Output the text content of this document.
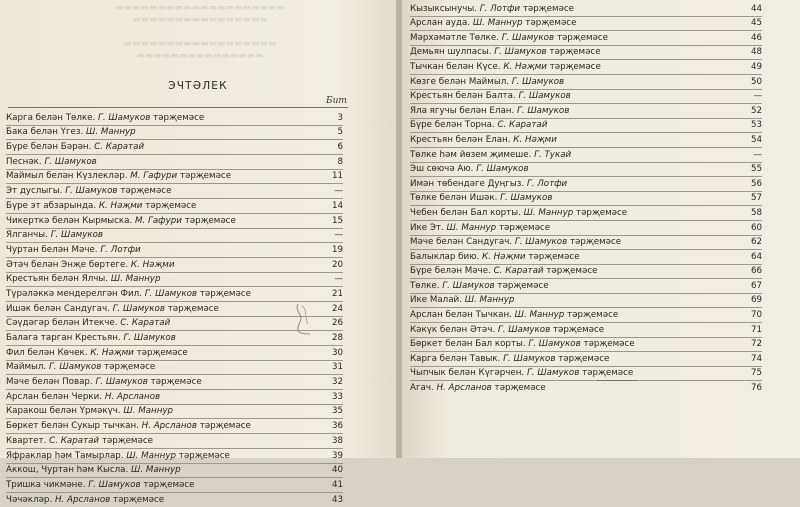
▬▬▬▬▬▬▬▬▬▬▬▬▬▬▬▬▬▬▬▬
▬▬▬▬▬▬▬▬▬▬▬▬▬▬▬▬

▬▬▬▬▬▬▬▬▬▬▬▬▬▬▬▬▬▬
▬▬▬▬▬▬▬▬▬▬▬▬▬▬▬
ЭЧТӘЛЕК
Бит
Карга белән Төлке. Г. Шамуков тәрҗемәсе	3
Бака белән Үгез. Ш. Маннур	5
Бүре белән Бәрән. С. Каратай	6
Песнәк. Г. Шамуков	8
Маймыл белән Күзлекләр. М. Гафури тәрҗемәсе	11
Эт дуслыгы. Г. Шамуков тәрҗемәсе	—
Бүре эт абзарында. К. Нәҗми тәрҗемәсе	14
Чикерткә белән Кырмыска. М. Гафури тәрҗемәсе	15
Ялганчы. Г. Шамуков	—
Чуртан белән Мәче. Г. Лотфи	19
Әтәч белән Энҗе бөртеге. К. Нәҗми	20
Крестьян белән Ялчы. Ш. Маннур	—
Түрәләккә мендерелгән Фил. Г. Шамуков тәрҗемәсе	21
Ишәк белән Сандугач. Г. Шамуков тәрҗемәсе	24
Сәүдәгәр белән Итекче. С. Каратай	26
Балага тарган Крестьян. Г. Шамуков	28
Фил белән Көчек. К. Нәҗми тәрҗемәсе	30
Маймыл. Г. Шамуков тәрҗемәсе	31
Мәче белән Повар. Г. Шамуков тәрҗемәсе	32
Арслан белән Черки. Н. Арсланов	33
Каракош белән Үрмәкүч. Ш. Маннур	35
Бөркет белән Сукыр тычкан. Н. Арсланов тәрҗемәсе	36
Квартет. С. Каратай тәрҗемәсе	38
Яфраклар һәм Тамырлар. Ш. Маннур тәрҗемәсе	39
Аккош, Чуртан һәм Кысла. Ш. Маннур	40
Тришка чикмәне. Г. Шамуков тәрҗемәсе	41
Чәчәкләр. Н. Арсланов тәрҗемәсе	43
Кызыксынучы. Г. Лотфи тәрҗемәсе	44
Арслан ауда. Ш. Маннур тәрҗемәсе	45
Мәрхәмәтле Төлке. Г. Шамуков тәрҗемәсе	46
Демьян шулпасы. Г. Шамуков тәрҗемәсе	48
Тычкан белән Күсе. К. Нәҗми тәрҗемәсе	49
Көзге белән Маймыл. Г. Шамуков	50
Крестьян белән Балта. Г. Шамуков	—
Яла ягучы белән Елан. Г. Шамуков	52
Бүре белән Торна. С. Каратай	53
Крестьян белән Елан. К. Нәҗми	54
Төлке һәм йөзем җимеше. Г. Тукай	—
Эш сөючә Аю. Г. Шамуков	55
Имән төбендәге Дуңгыз. Г. Лотфи	56
Төлке белән Ишәк. Г. Шамуков	57
Чебен белән Бал корты. Ш. Маннур тәрҗемәсе	58
Ике Эт. Ш. Маннур тәрҗемәсе	60
Мәче белән Сандугач. Г. Шамуков тәрҗемәсе	62
Балыклар бию. К. Нәҗми тәрҗемәсе	64
Бүре белән Мәче. С. Каратай тәрҗемәсе	66
Төлке. Г. Шамуков тәрҗемәсе	67
Ике Малай. Ш. Маннур	69
Арслан белән Тычкан. Ш. Маннур тәрҗемәсе	70
Кәкүк белән Әтәч. Г. Шамуков тәрҗемәсе	71
Бөркет белән Бал корты. Г. Шамуков тәрҗемәсе	72
Карга белән Тавык. Г. Шамуков тәрҗемәсе	74
Чыпчык белән Күгәрчен. Г. Шамуков тәрҗемәсе	75
Агач. Н. Арсланов тәрҗемәсе	76
